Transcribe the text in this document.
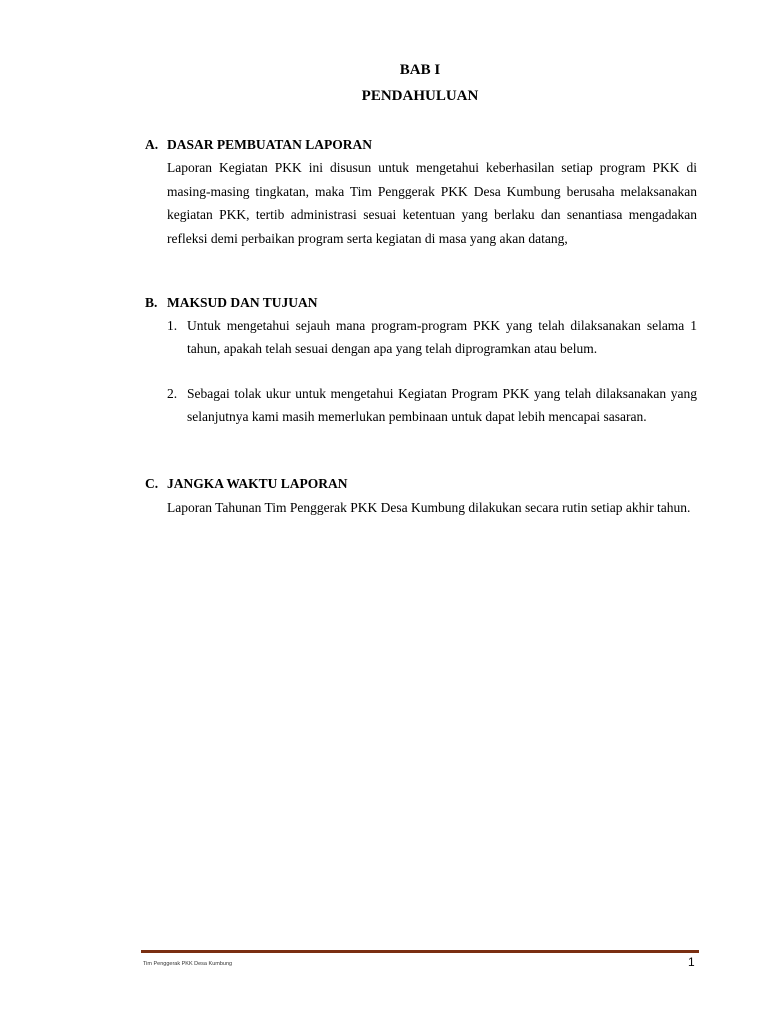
BAB I
PENDAHULUAN
A. DASAR PEMBUATAN LAPORAN

Laporan Kegiatan PKK ini disusun untuk mengetahui keberhasilan setiap program PKK di masing-masing tingkatan, maka Tim Penggerak PKK Desa Kumbung berusaha melaksanakan kegiatan PKK, tertib administrasi sesuai ketentuan yang berlaku dan senantiasa mengadakan refleksi demi perbaikan program serta kegiatan di masa yang akan datang,

B. MAKSUD DAN TUJUAN
1. Untuk mengetahui sejauh mana program-program PKK yang telah dilaksanakan selama 1 tahun, apakah telah sesuai dengan apa yang telah diprogramkan atau belum.
2. Sebagai tolak ukur untuk mengetahui Kegiatan Program PKK yang telah dilaksanakan yang selanjutnya kami masih memerlukan pembinaan untuk dapat lebih mencapai sasaran.
C. JANGKA WAKTU LAPORAN

Laporan Tahunan Tim Penggerak PKK Desa Kumbung dilakukan secara rutin setiap akhir tahun.

Tim Penggerak PKK Desa Kumbung	1
